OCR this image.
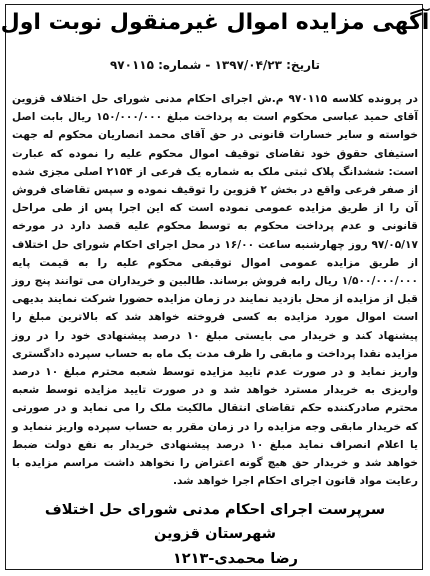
آگهی مزایده اموال غیرمنقول نوبت اول
تاریخ: ۱۳۹۷/۰۴/۲۳ - شماره: ۹۷۰۱۱۵
در پرونده کلاسه ۹۷۰۱۱۵ م.ش اجرای احکام مدنی شورای حل اختلاف قزوین آقای حمید عباسی محکوم است به پرداخت مبلغ ۱۵۰/۰۰۰/۰۰۰ ریال بابت اصل خواسته و سایر خسارات قانونی در حق آقای محمد انصاریان محکوم له جهت استیفای حقوق خود تقاضای توقیف اموال محکوم علیه را نموده که عبارت است: ششدانگ پلاک ثبتی ملک به شماره یک فرعی از ۲۱۵۴ اصلی مجزی شده از صفر فرعی واقع در بخش ۲ قزوین را توقیف نموده و سپس تقاضای فروش آن را از طریق مزایده عمومی نموده است که این اجرا پس از طی مراحل قانونی و عدم پرداخت محکوم به توسط محکوم علیه قصد دارد در مورخه ۹۷/۰۵/۱۷ روز چهارشنبه ساعت ۱۶/۰۰ در محل اجرای احکام شورای حل اختلاف از طریق مزایده عمومی اموال توقیفی محکوم علیه را به قیمت پایه ۱/۵۰۰/۰۰۰/۰۰۰ ریال رابه فروش برساند. طالبین و خریداران می توانند پنج روز قبل از مزایده از محل بازدید نمایند در زمان مزایده حضورا شرکت نمایند بدیهی است اموال مورد مزایده به کسی فروخته خواهد شد که بالاترین مبلغ را پیشنهاد کند و خریدار می بایستی مبلغ ۱۰ درصد پیشنهادی خود را در روز مزایده نقدا پرداخت و مابقی را ظرف مدت یک ماه به حساب سپرده دادگستری واریز نماید و در صورت عدم تایید مزایده توسط شعبه محترم مبلغ ۱۰ درصد واریزی به خریدار مسترد خواهد شد و در صورت تایید مزایده توسط شعبه محترم صادرکننده حکم تقاضای انتقال مالکیت ملک را می نماید و در صورتی که خریدار مابقی وجه مزایده را در زمان مقرر به حساب سپرده واریز ننماید و یا اعلام انصراف نماید مبلغ ۱۰ درصد پیشنهادی خریدار به نفع دولت ضبط خواهد شد و خریدار حق هیچ گونه اعتراض را نخواهد داشت مراسم مزایده با رعایت مواد قانون اجرای احکام اجرا خواهد شد.
سرپرست اجرای احکام مدنی شورای حل اختلاف شهرستان قزوین
رضا محمدی-۱۲۱۳
